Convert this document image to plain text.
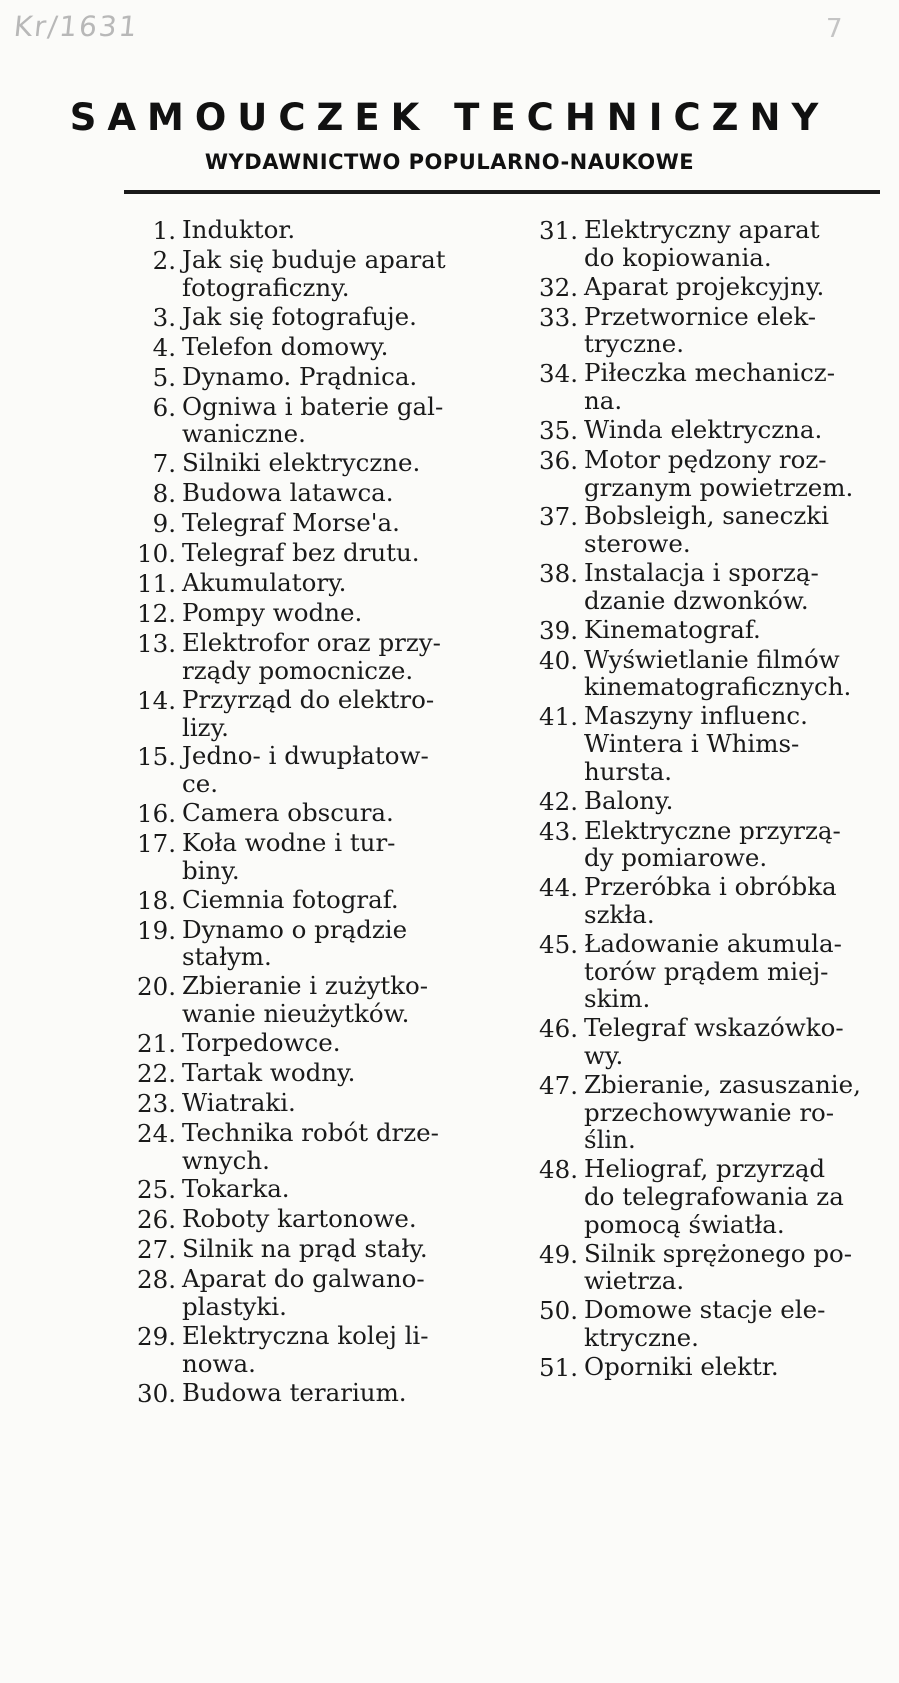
Kr/1631	7
SAMOUCZEK TECHNICZNY
WYDAWNICTWO POPULARNO-NAUKOWE
1. Induktor.
2. Jak się buduje aparat
fotograficzny.
3. Jak się fotografuje.
4. Telefon domowy.
5. Dynamo. Prądnica.
6. Ogniwa i baterie gal-
waniczne.
7. Silniki elektryczne.
8. Budowa latawca.
9. Telegraf Morse'a.
10. Telegraf bez drutu.
11. Akumulatory.
12. Pompy wodne.
13. Elektrofor oraz przy-
rządy pomocnicze.
14. Przyrząd do elektro-
lizy.
15. Jedno- i dwupłatow-
ce.
16. Camera obscura.
17. Koła wodne i tur-
biny.
18. Ciemnia fotograf.
19. Dynamo o prądzie
stałym.
20. Zbieranie i zużytko-
wanie nieużytków.
21. Torpedowce.
22. Tartak wodny.
23. Wiatraki.
24. Technika robót drze-
wnych.
25. Tokarka.
26. Roboty kartonowe.
27. Silnik na prąd stały.
28. Aparat do galwano-
plastyki.
29. Elektryczna kolej li-
nowa.
30. Budowa terarium.
31. Elektryczny aparat
do kopiowania.
32. Aparat projekcyjny.
33. Przetwornice elek-
tryczne.
34. Piłeczka mechanicz-
na.
35. Winda elektryczna.
36. Motor pędzony roz-
grzanym powietrzem.
37. Bobsleigh, saneczki
sterowe.
38. Instalacja i sporzą-
dzanie dzwonków.
39. Kinematograf.
40. Wyświetlanie filmów
kinematograficznych.
41. Maszyny influenc.
Wintera i Whims-
hursta.
42. Balony.
43. Elektryczne przyrzą-
dy pomiarowe.
44. Przeróbka i obróbka
szkła.
45. Ładowanie akumula-
torów prądem miej-
skim.
46. Telegraf wskazówko-
wy.
47. Zbieranie, zasuszanie,
przechowywanie ro-
ślin.
48. Heliograf, przyrząd
do telegrafowania za
pomocą światła.
49. Silnik sprężonego po-
wietrza.
50. Domowe stacje ele-
ktryczne.
51. Oporniki elektr.
